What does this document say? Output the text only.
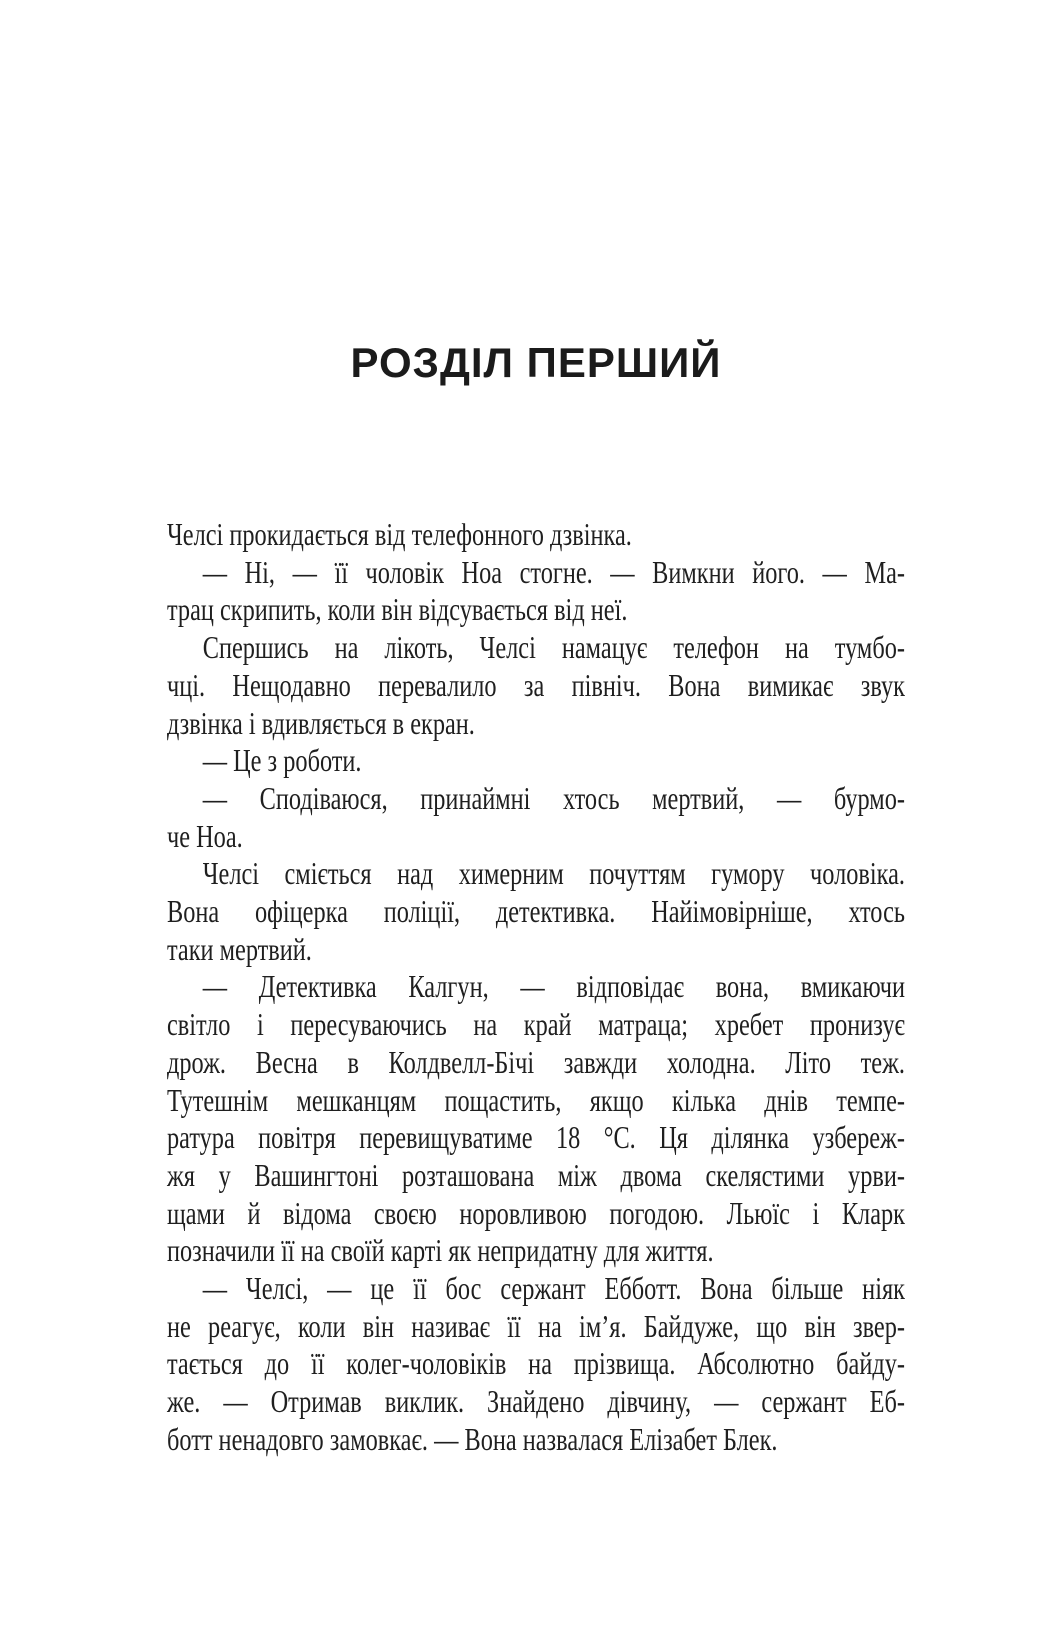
РОЗДІЛ ПЕРШИЙ
Челсі прокидається від телефонного дзвінка.
— Ні, — її чоловік Ноа стогне. — Вимкни його. — Ма-
трац скрипить, коли він відсувається від неї.
Спершись на лікоть, Челсі намацує телефон на тумбо-
чці. Нещодавно перевалило за північ. Вона вимикає звук
дзвінка і вдивляється в екран.
— Це з роботи.
— Сподіваюся, принаймні хтось мертвий, — бурмо-
че Ноа.
Челсі сміється над химерним почуттям гумору чоловіка.
Вона офіцерка поліції, детективка. Найімовірніше, хтось
таки мертвий.
— Детективка Калгун, — відповідає вона, вмикаючи
світло і пересуваючись на край матраца; хребет пронизує
дрож. Весна в Колдвелл-Бічі завжди холодна. Літо теж.
Тутешнім мешканцям пощастить, якщо кілька днів темпе-
ратура повітря перевищуватиме 18 °С. Ця ділянка узбереж-
жя у Вашингтоні розташована між двома скелястими урви-
щами й відома своєю норовливою погодою. Льюїс і Кларк
позначили її на своїй карті як непридатну для життя.
— Челсі, — це її бос сержант Ебботт. Вона більше ніяк
не реагує, коли він називає її на ім’я. Байдуже, що він звер-
тається до її колег-чоловіків на прізвища. Абсолютно байду-
же. — Отримав виклик. Знайдено дівчину, — сержант Еб-
ботт ненадовго замовкає. — Вона назвалася Елізабет Блек.
